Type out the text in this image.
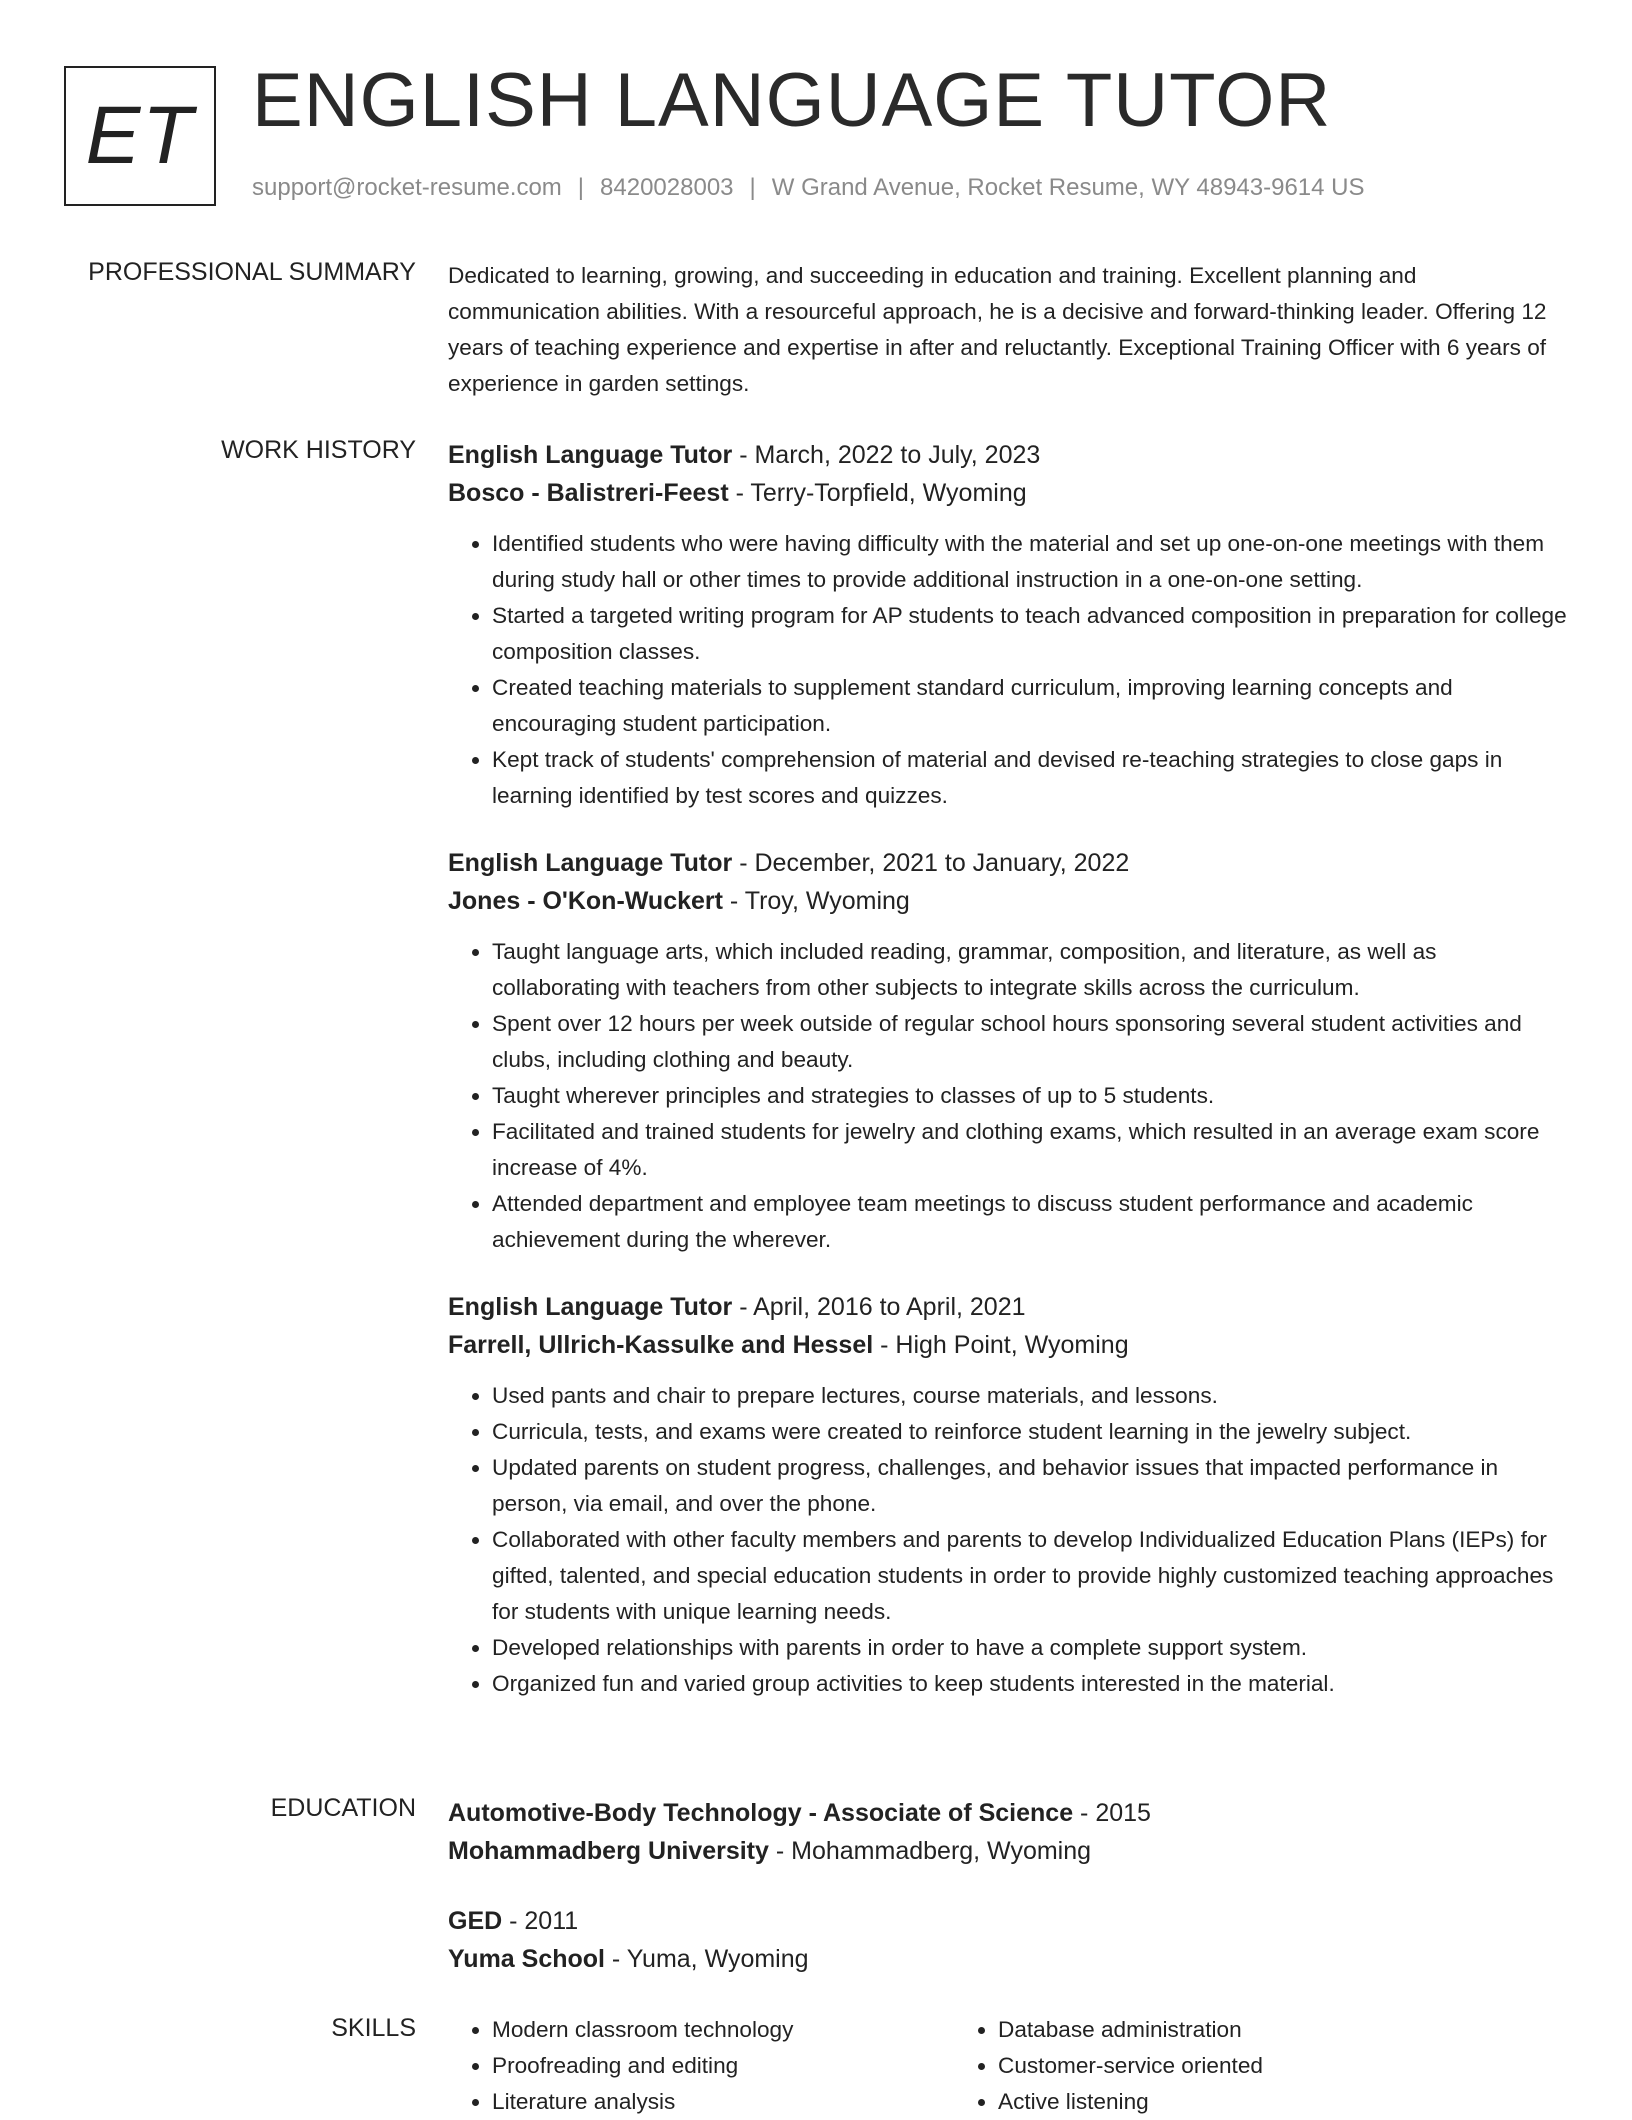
ET ENGLISH LANGUAGE TUTOR
support@rocket-resume.com | 8420028003 | W Grand Avenue, Rocket Resume, WY 48943-9614 US
PROFESSIONAL SUMMARY Dedicated to learning, growing, and succeeding in education and training. Excellent planning and communication abilities. With a resourceful approach, he is a decisive and forward-thinking leader. Offering 12 years of teaching experience and expertise in after and reluctantly. Exceptional Training Officer with 6 years of experience in garden settings.

WORK HISTORY English Language Tutor - March, 2022 to July, 2023
Bosco - Balistreri-Feest - Terry-Torpfield, Wyoming
• Identified students who were having difficulty with the material and set up one-on-one meetings with them during study hall or other times to provide additional instruction in a one-on-one setting.
• Started a targeted writing program for AP students to teach advanced composition in preparation for college composition classes.
• Created teaching materials to supplement standard curriculum, improving learning concepts and encouraging student participation.
• Kept track of students' comprehension of material and devised re-teaching strategies to close gaps in learning identified by test scores and quizzes.
English Language Tutor - December, 2021 to January, 2022
Jones - O'Kon-Wuckert - Troy, Wyoming
• Taught language arts, which included reading, grammar, composition, and literature, as well as collaborating with teachers from other subjects to integrate skills across the curriculum.
• Spent over 12 hours per week outside of regular school hours sponsoring several student activities and clubs, including clothing and beauty.
• Taught wherever principles and strategies to classes of up to 5 students.
• Facilitated and trained students for jewelry and clothing exams, which resulted in an average exam score increase of 4%.
• Attended department and employee team meetings to discuss student performance and academic achievement during the wherever.
English Language Tutor - April, 2016 to April, 2021
Farrell, Ullrich-Kassulke and Hessel - High Point, Wyoming
• Used pants and chair to prepare lectures, course materials, and lessons.
• Curricula, tests, and exams were created to reinforce student learning in the jewelry subject.
• Updated parents on student progress, challenges, and behavior issues that impacted performance in person, via email, and over the phone.
• Collaborated with other faculty members and parents to develop Individualized Education Plans (IEPs) for gifted, talented, and special education students in order to provide highly customized teaching approaches for students with unique learning needs.
• Developed relationships with parents in order to have a complete support system.
• Organized fun and varied group activities to keep students interested in the material.
EDUCATION Automotive-Body Technology - Associate of Science - 2015
Mohammadberg University - Mohammadberg, Wyoming
GED - 2011
Yuma School - Yuma, Wyoming
SKILLS
•	Modern classroom technology
• Proofreading and editing
• Literature analysis
• Database administration
• Customer-service oriented
• Active listening
